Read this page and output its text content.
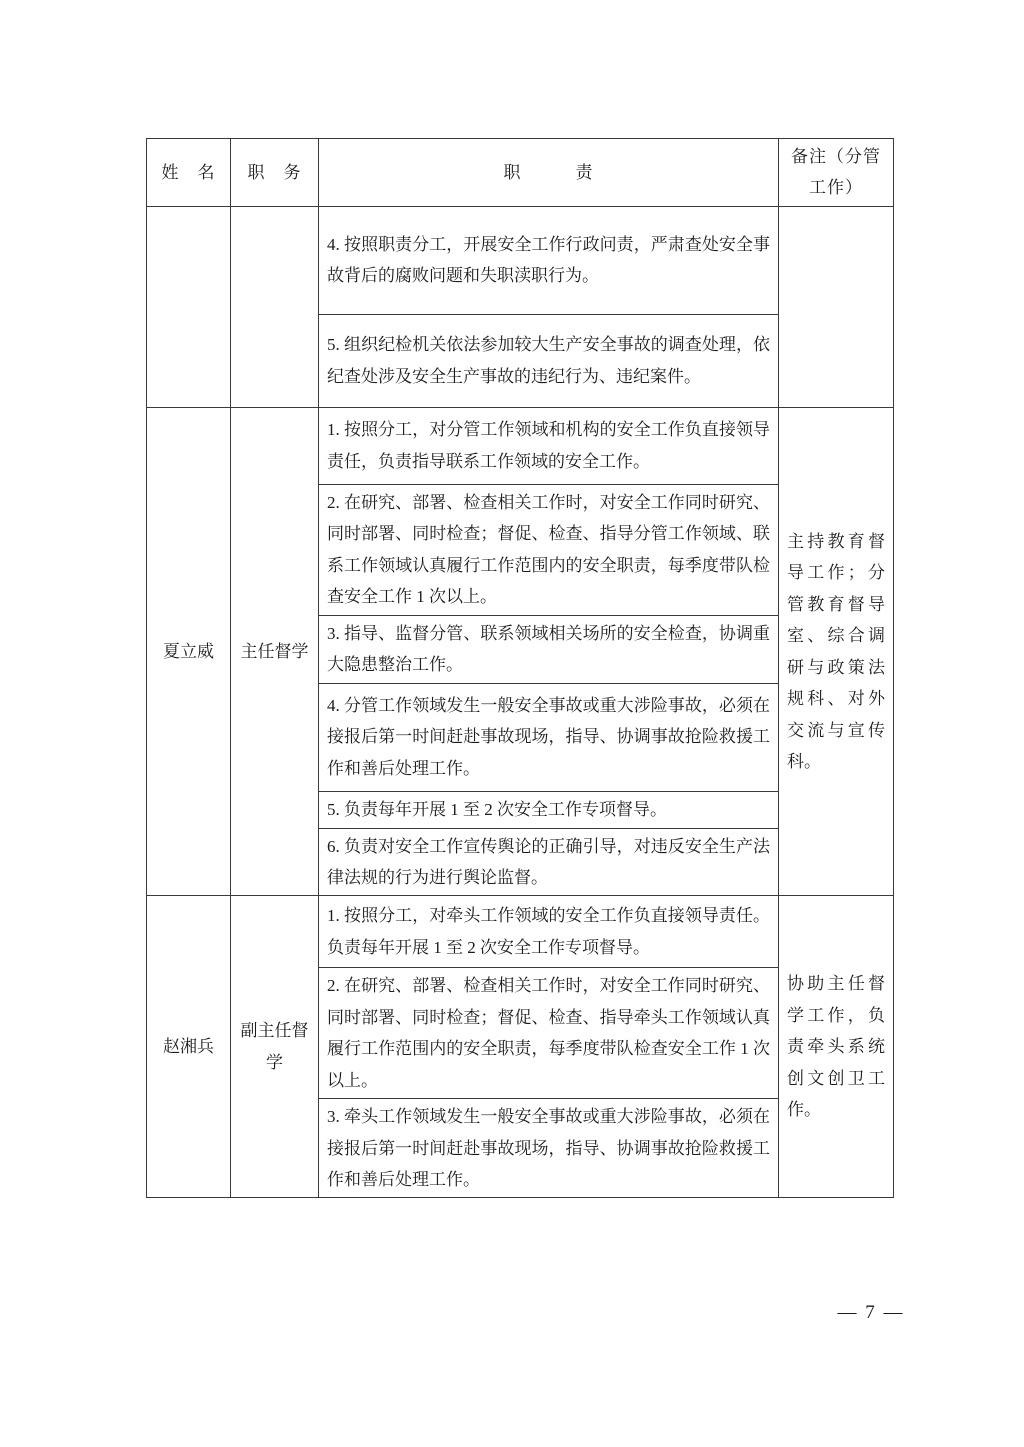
姓　名	职　务	职　　　责	备注（分管工作）
		4. 按照职责分工，开展安全工作行政问责，严肃查处安全事故背后的腐败问题和失职渎职行为。	
		5. 组织纪检机关依法参加较大生产安全事故的调查处理，依纪查处涉及安全生产事故的违纪行为、违纪案件。	
夏立威	主任督学	1. 按照分工，对分管工作领域和机构的安全工作负直接领导责任，负责指导联系工作领域的安全工作。	主持教育督导工作；分管教育督导室、综合调研与政策法规科、对外交流与宣传科。
		2. 在研究、部署、检查相关工作时，对安全工作同时研究、同时部署、同时检查；督促、检查、指导分管工作领域、联系工作领域认真履行工作范围内的安全职责，每季度带队检查安全工作 1 次以上。	
		3. 指导、监督分管、联系领域相关场所的安全检查，协调重大隐患整治工作。	
		4. 分管工作领域发生一般安全事故或重大涉险事故，必须在接报后第一时间赶赴事故现场，指导、协调事故抢险救援工作和善后处理工作。	
		5. 负责每年开展 1 至 2 次安全工作专项督导。	
		6. 负责对安全工作宣传舆论的正确引导，对违反安全生产法律法规的行为进行舆论监督。	
赵湘兵	副主任督学	1. 按照分工，对牵头工作领域的安全工作负直接领导责任。负责每年开展 1 至 2 次安全工作专项督导。	协助主任督学工作，负责牵头系统创文创卫工作。
		2. 在研究、部署、检查相关工作时，对安全工作同时研究、同时部署、同时检查；督促、检查、指导牵头工作领域认真履行工作范围内的安全职责，每季度带队检查安全工作 1 次以上。	
		3. 牵头工作领域发生一般安全事故或重大涉险事故，必须在接报后第一时间赶赴事故现场，指导、协调事故抢险救援工作和善后处理工作。	
— 7 —
